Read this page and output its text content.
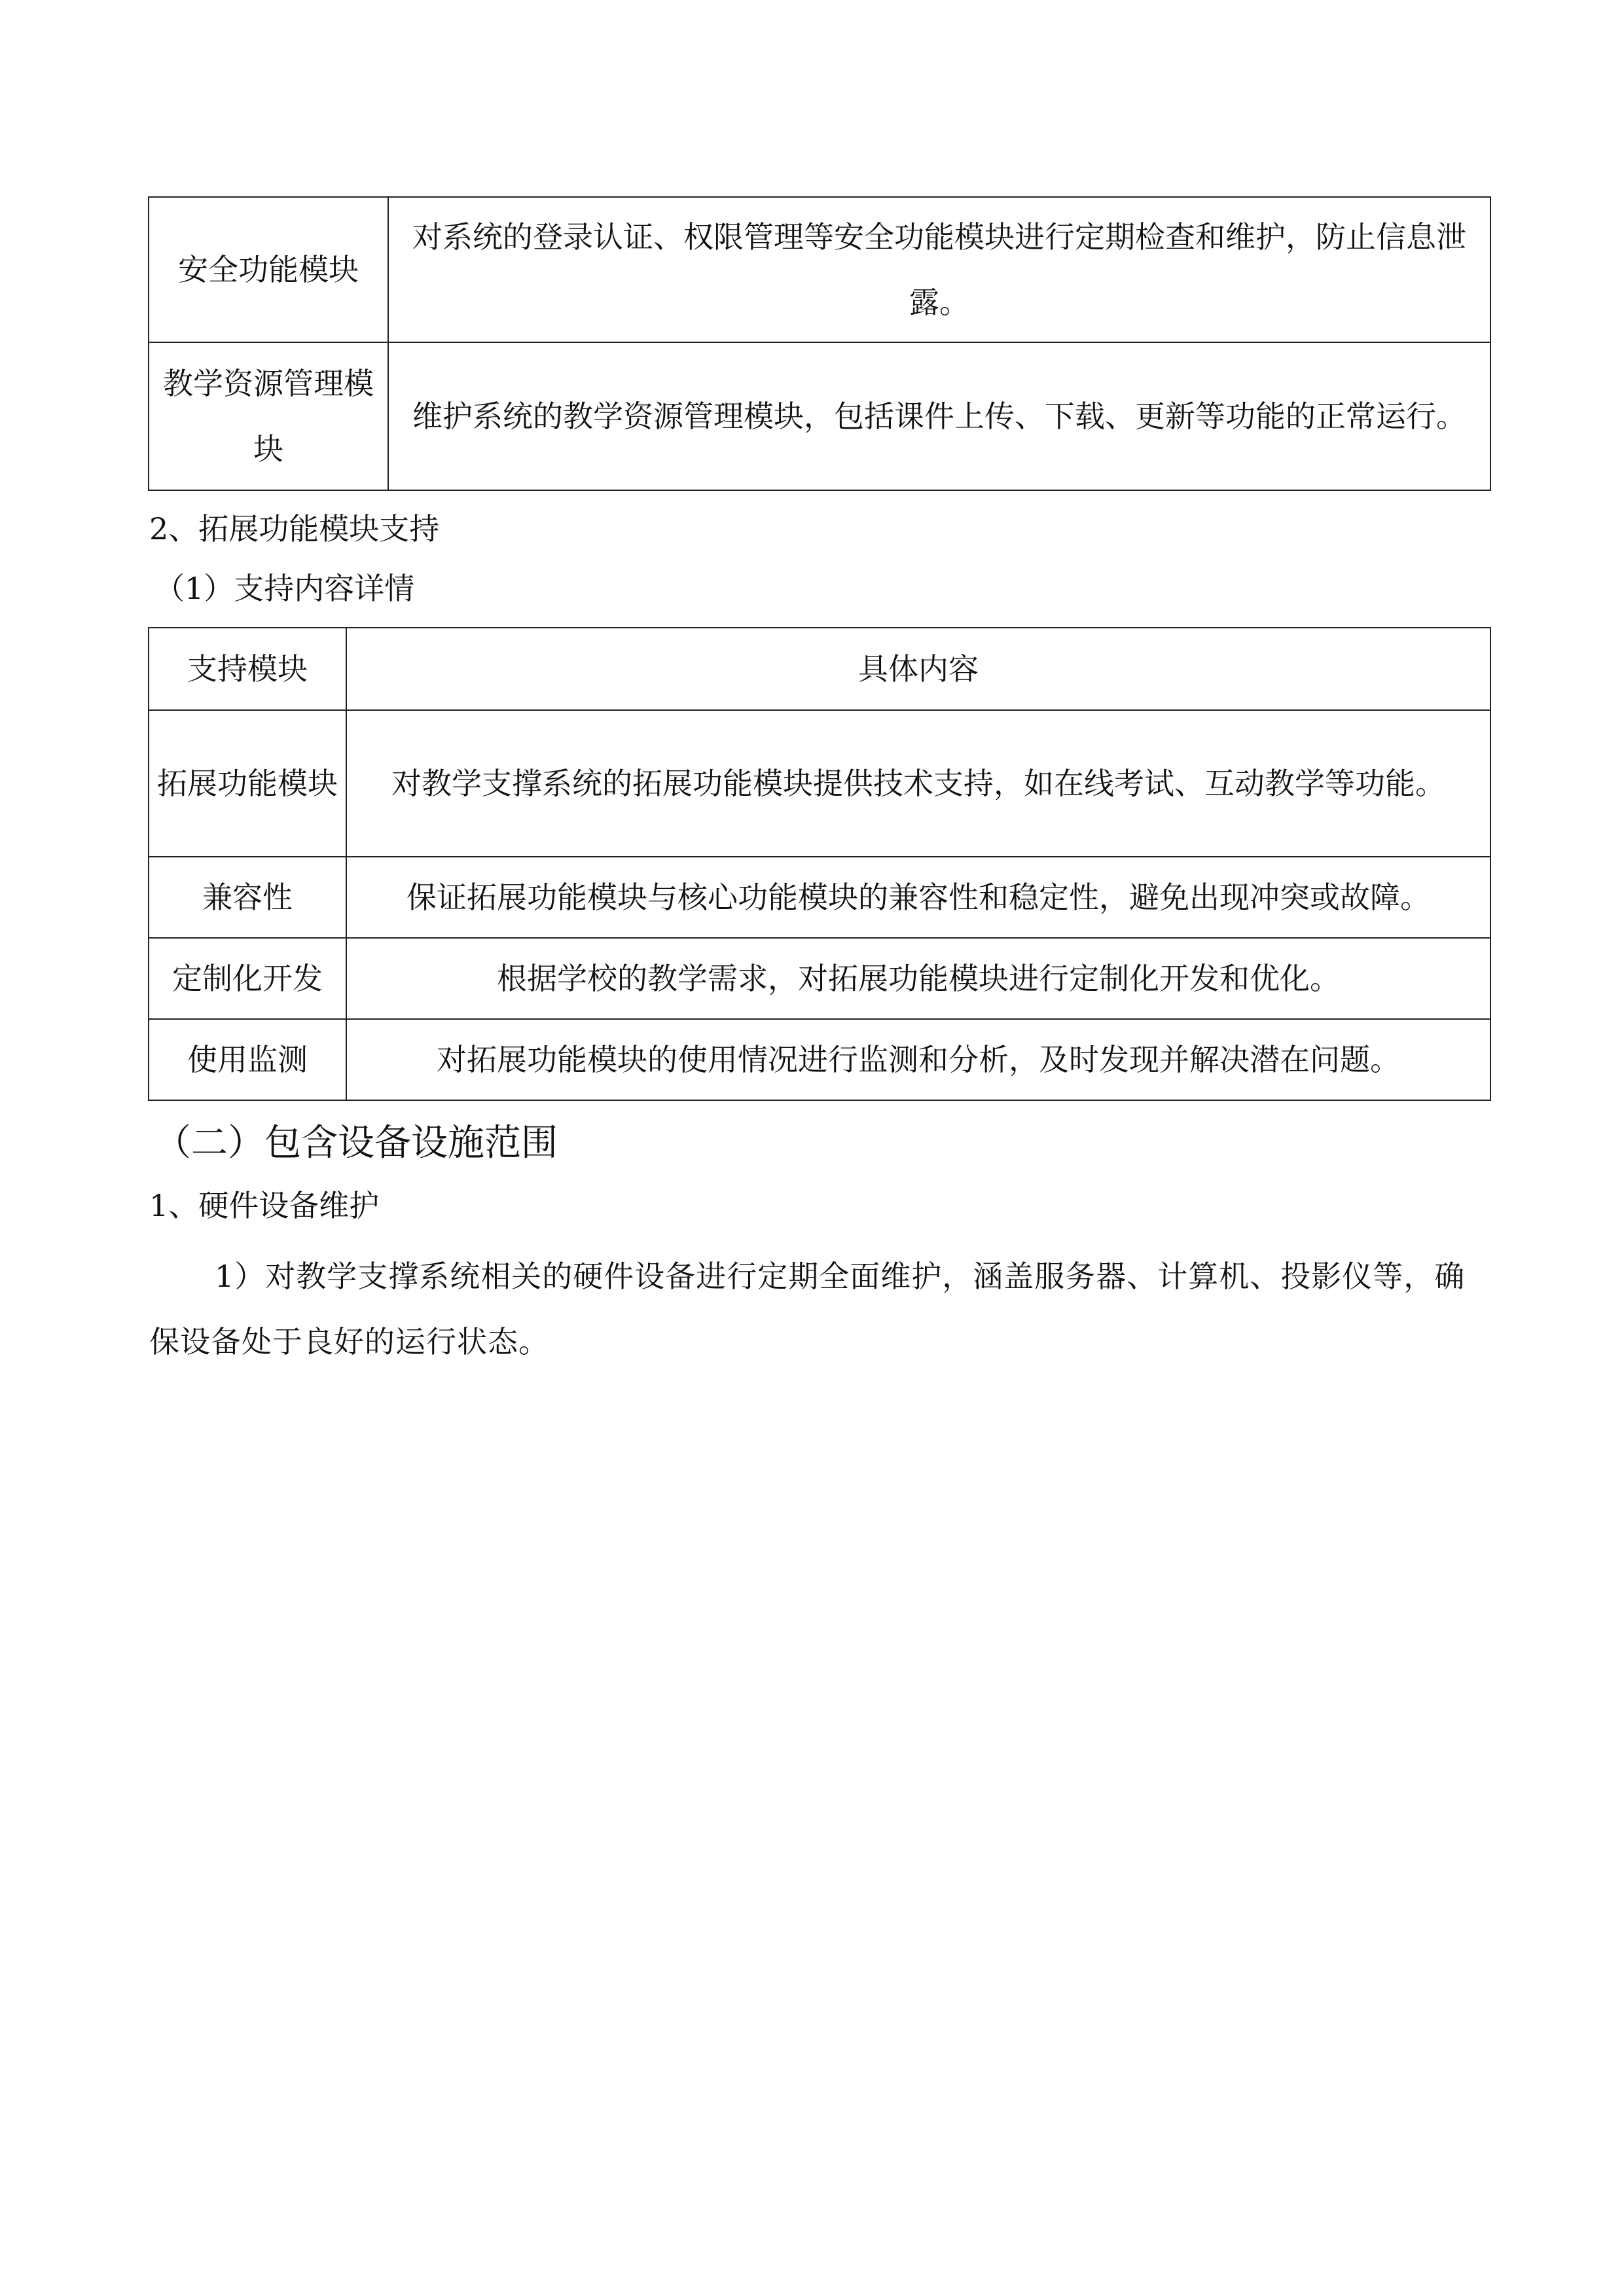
安全功能模块	对系统的登录认证、权限管理等安全功能模块进行定期检查和维护，防止信息泄露。
教学资源管理模块	维护系统的教学资源管理模块，包括课件上传、下载、更新等功能的正常运行。
2、拓展功能模块支持
（1）支持内容详情
支持模块	具体内容
拓展功能模块	对教学支撑系统的拓展功能模块提供技术支持，如在线考试、互动教学等功能。
兼容性	保证拓展功能模块与核心功能模块的兼容性和稳定性，避免出现冲突或故障。
定制化开发	根据学校的教学需求，对拓展功能模块进行定制化开发和优化。
使用监测	对拓展功能模块的使用情况进行监测和分析，及时发现并解决潜在问题。
（二）包含设备设施范围
1、硬件设备维护
1）对教学支撑系统相关的硬件设备进行定期全面维护，涵盖服务器、计算机、投影仪等，确保设备处于良好的运行状态。
